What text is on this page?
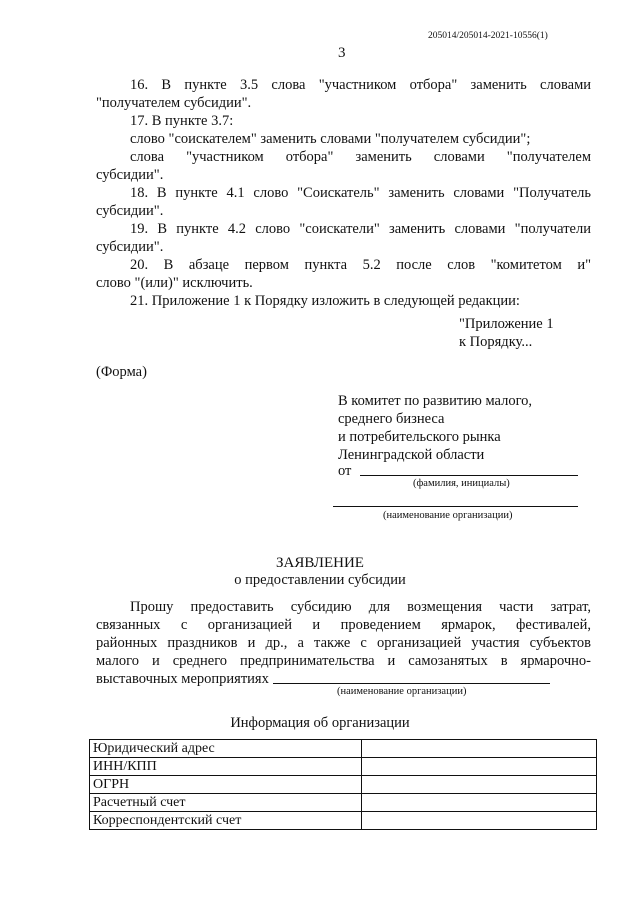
205014/205014-2021-10556(1)
3
16. В пункте 3.5 слова "участником отбора" заменить словами
"получателем субсидии".
17. В пункте 3.7:
слово "соискателем" заменить словами "получателем субсидии";
слова "участником отбора" заменить словами "получателем
субсидии".
18. В пункте 4.1 слово "Соискатель" заменить словами "Получатель
субсидии".
19. В пункте 4.2 слово "соискатели" заменить словами "получатели
субсидии".
20. В абзаце первом пункта 5.2 после слов "комитетом и"
слово "(или)" исключить.
21. Приложение 1 к Порядку изложить в следующей редакции:
"Приложение 1
к Порядку...
(Форма)
В комитет по развитию малого,
среднего бизнеса
и потребительского рынка
Ленинградской области
от
(фамилия, инициалы)
(наименование организации)
ЗАЯВЛЕНИЕ
о предоставлении субсидии
Прошу предоставить субсидию для возмещения части затрат,
связанных с организацией и проведением ярмарок, фестивалей,
районных праздников и др., а также с организацией участия субъектов
малого и среднего предпринимательства и самозанятых в ярмарочно-
выставочных мероприятиях
(наименование организации)
Информация об организации
Юридический адрес	
ИНН/КПП	
ОГРН	
Расчетный счет	
Корреспондентский счет	
